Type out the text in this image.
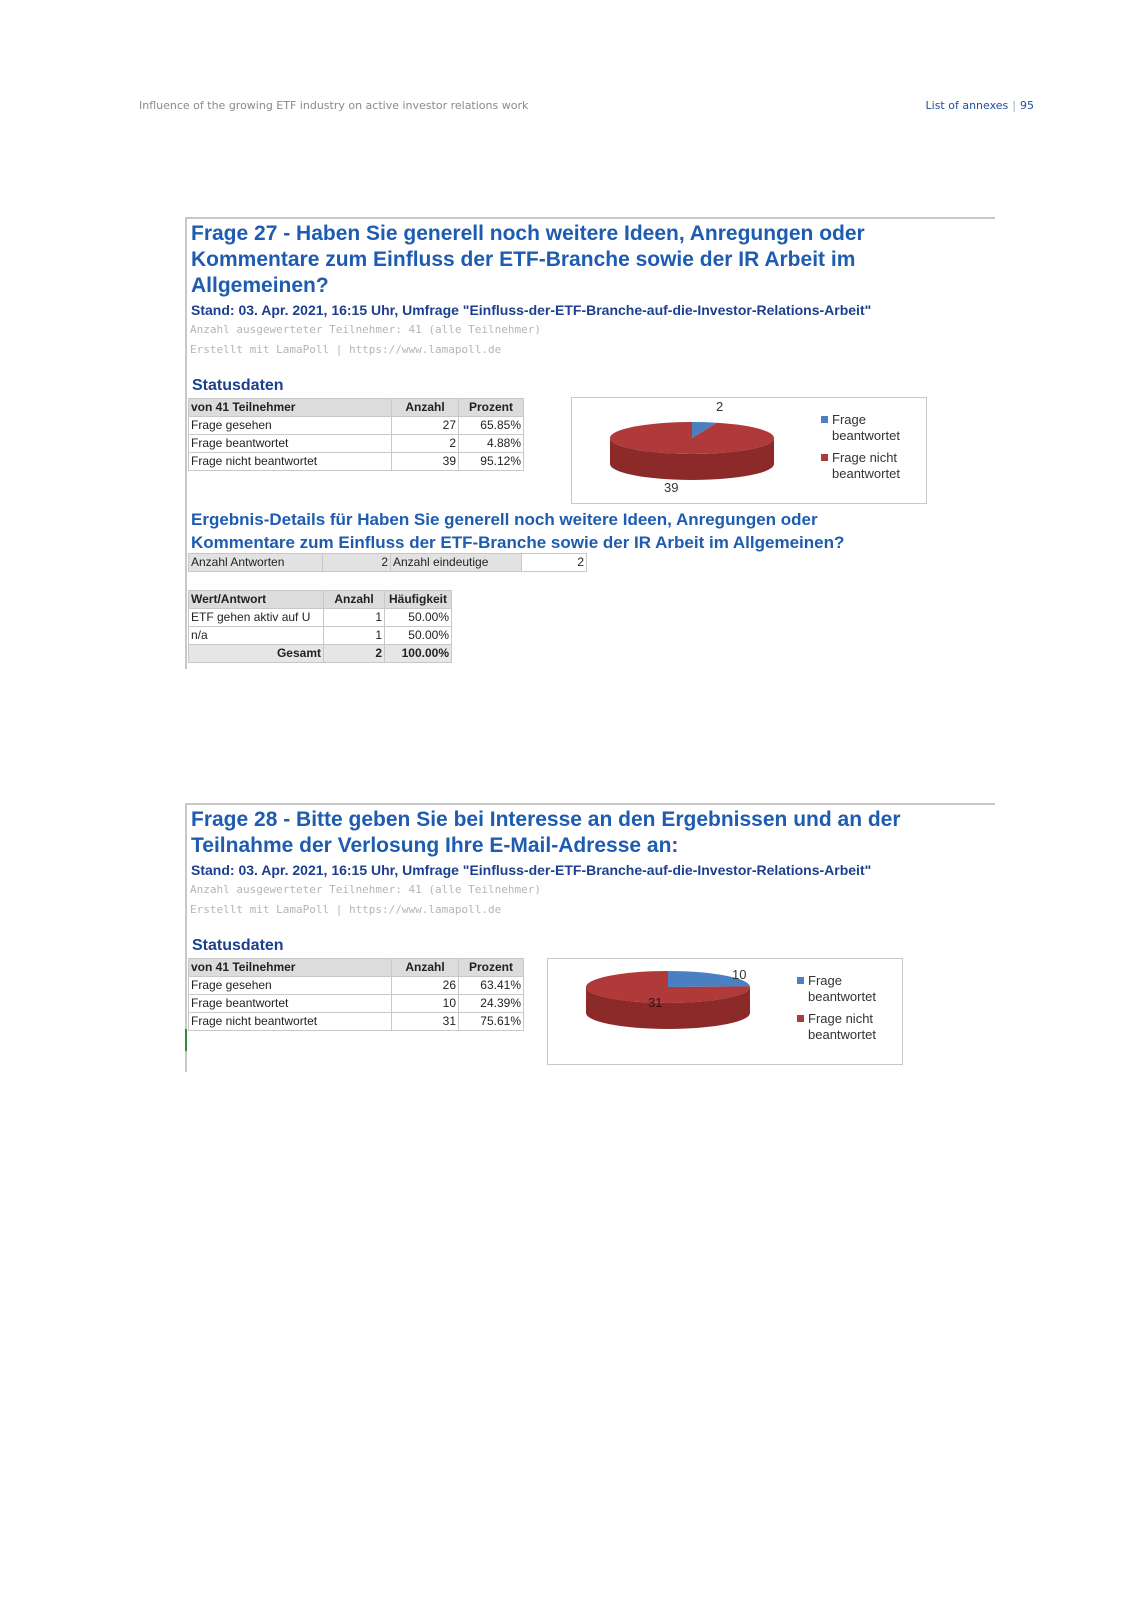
Influence of the growing ETF industry on active investor relations work	List of annexes | 95
Frage 27 - Haben Sie generell noch weitere Ideen, Anregungen oder Kommentare zum Einfluss der ETF-Branche sowie der IR Arbeit im Allgemeinen?
Stand: 03. Apr. 2021, 16:15 Uhr, Umfrage "Einfluss-der-ETF-Branche-auf-die-Investor-Relations-Arbeit"
Anzahl ausgewerteter Teilnehmer: 41 (alle Teilnehmer)
Erstellt mit LamaPoll | https://www.lamapoll.de
Statusdaten
von 41 Teilnehmer	Anzahl	Prozent
Frage gesehen	27	65.85%
Frage beantwortet	2	4.88%
Frage nicht beantwortet	39	95.12%
2
39
Frage beantwortet
Frage nicht beantwortet
Ergebnis-Details für Haben Sie generell noch weitere Ideen, Anregungen oder Kommentare zum Einfluss der ETF-Branche sowie der IR Arbeit im Allgemeinen?
Anzahl Antworten	2	Anzahl eindeutige	2
Wert/Antwort	Anzahl	Häufigkeit
ETF gehen aktiv auf U	1	50.00%
n/a	1	50.00%
Gesamt	2	100.00%
Frage 28 - Bitte geben Sie bei Interesse an den Ergebnissen und an der Teilnahme der Verlosung Ihre E-Mail-Adresse an:
Stand: 03. Apr. 2021, 16:15 Uhr, Umfrage "Einfluss-der-ETF-Branche-auf-die-Investor-Relations-Arbeit"
Anzahl ausgewerteter Teilnehmer: 41 (alle Teilnehmer)
Erstellt mit LamaPoll | https://www.lamapoll.de
Statusdaten
von 41 Teilnehmer	Anzahl	Prozent
Frage gesehen	26	63.41%
Frage beantwortet	10	24.39%
Frage nicht beantwortet	31	75.61%
10
31
Frage beantwortet
Frage nicht beantwortet
